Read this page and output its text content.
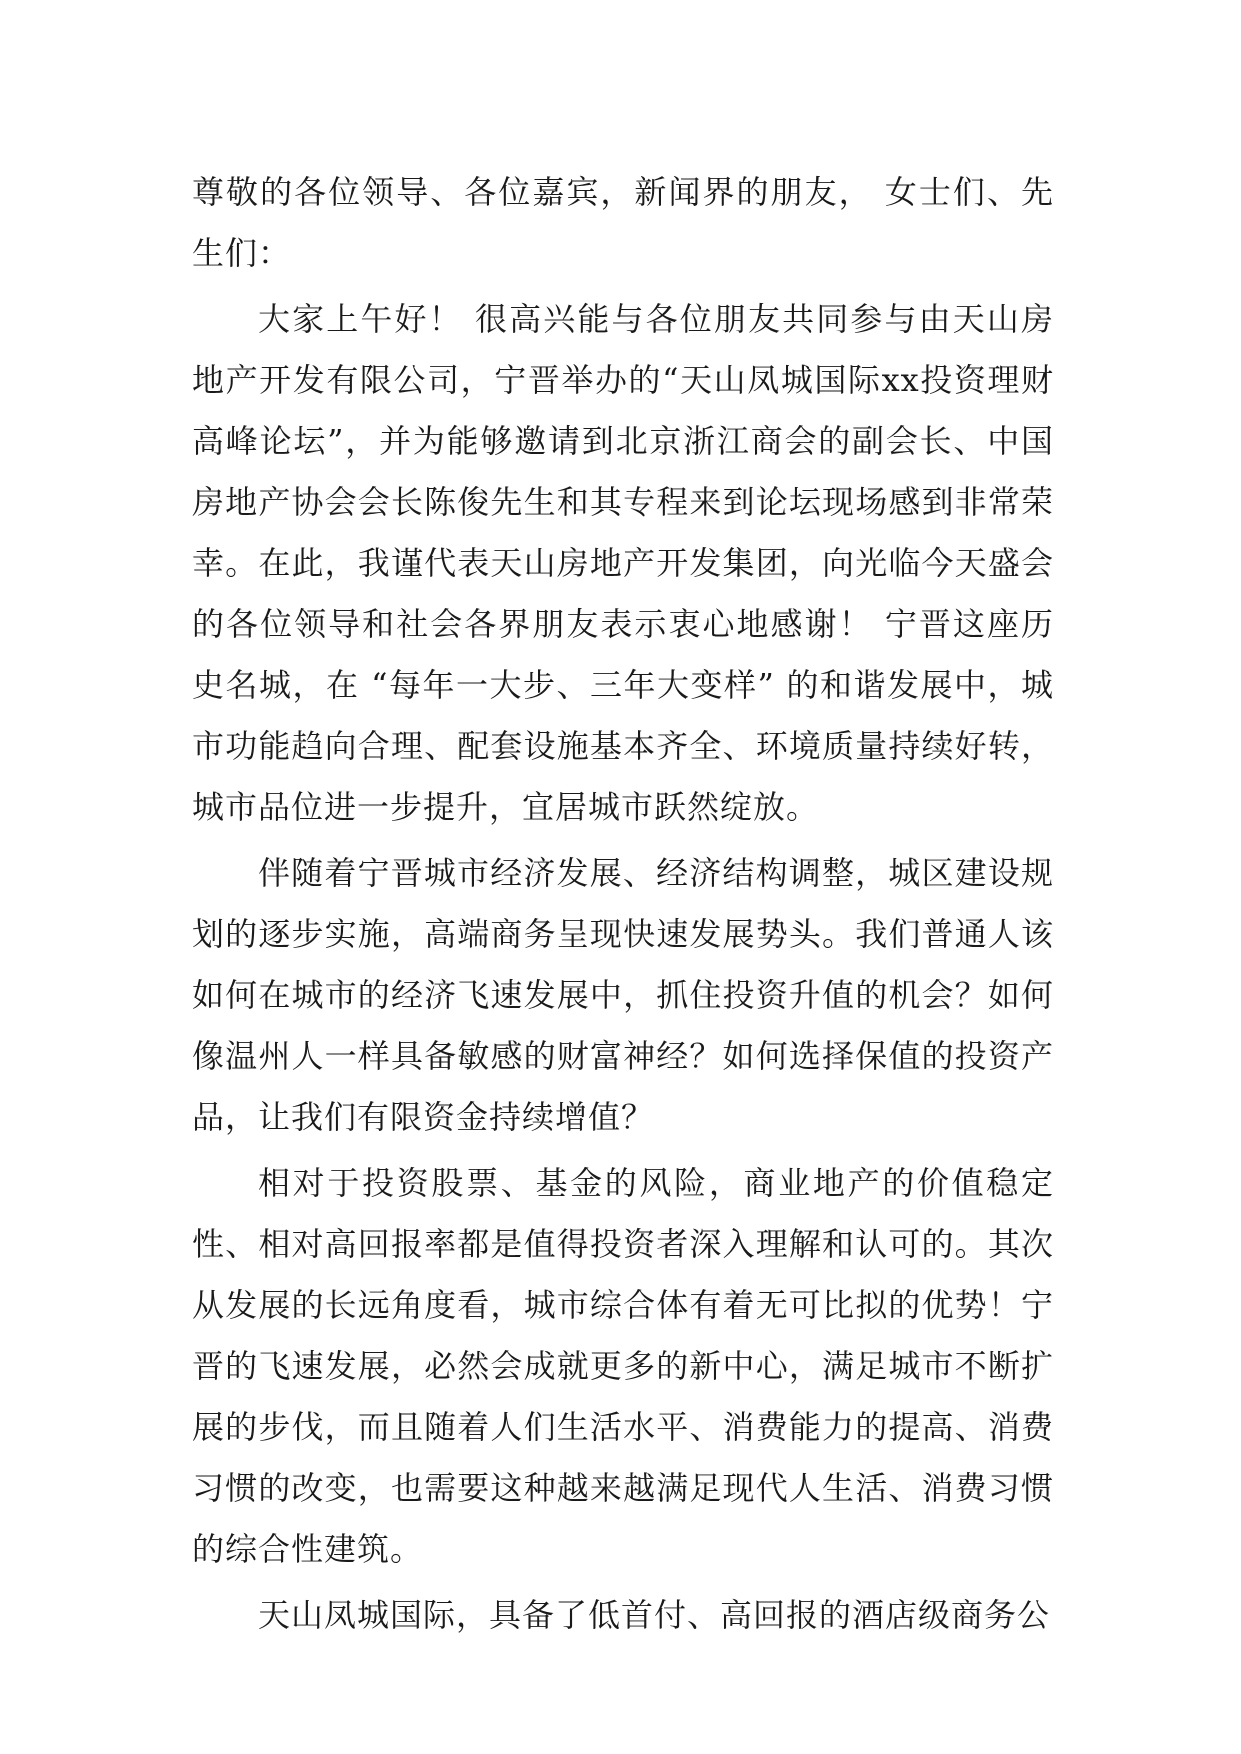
尊敬的各位领导、各位嘉宾，新闻界的朋友， 女士们、先生们：

大家上午好！ 很高兴能与各位朋友共同参与由天山房地产开发有限公司，宁晋举办的“天山凤城国际xx投资理财高峰论坛”，并为能够邀请到北京浙江商会的副会长、中国房地产协会会长陈俊先生和其专程来到论坛现场感到非常荣幸。在此，我谨代表天山房地产开发集团，向光临今天盛会的各位领导和社会各界朋友表示衷心地感谢！ 宁晋这座历史名城，在 “每年一大步、三年大变样” 的和谐发展中，城市功能趋向合理、配套设施基本齐全、环境质量持续好转，城市品位进一步提升，宜居城市跃然绽放。

伴随着宁晋城市经济发展、经济结构调整，城区建设规划的逐步实施，高端商务呈现快速发展势头。我们普通人该如何在城市的经济飞速发展中，抓住投资升值的机会？如何像温州人一样具备敏感的财富神经？如何选择保值的投资产品，让我们有限资金持续增值？

相对于投资股票、基金的风险，商业地产的价值稳定性、相对高回报率都是值得投资者深入理解和认可的。其次从发展的长远角度看，城市综合体有着无可比拟的优势！宁晋的飞速发展，必然会成就更多的新中心，满足城市不断扩展的步伐，而且随着人们生活水平、消费能力的提高、消费习惯的改变，也需要这种越来越满足现代人生活、消费习惯的综合性建筑。

天山凤城国际，具备了低首付、高回报的酒店级商务公
